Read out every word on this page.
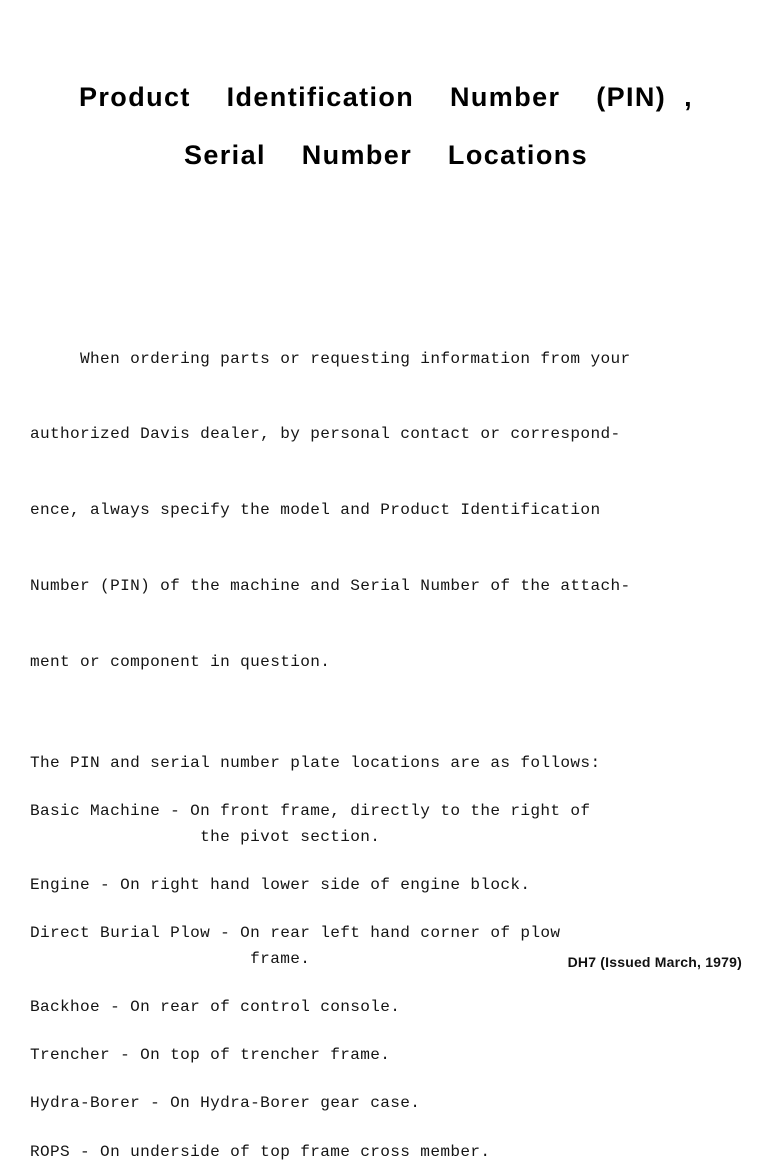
Product  Identification  Number  (PIN) ,
Serial  Number  Locations

When ordering parts or requesting information from your

authorized Davis dealer, by personal contact or correspond-

ence, always specify the model and Product Identification

Number (PIN) of the machine and Serial Number of the attach-

ment or component in question.

The PIN and serial number plate locations are as follows:

Basic Machine - On front frame, directly to the right of

the pivot section.

Engine - On right hand lower side of engine block.

Direct Burial Plow - On rear left hand corner of plow

frame.

Backhoe - On rear of control console.

Trencher - On top of trencher frame.

Hydra-Borer - On Hydra-Borer gear case.

ROPS - On underside of top frame cross member.

DH7 (Issued March, 1979)
